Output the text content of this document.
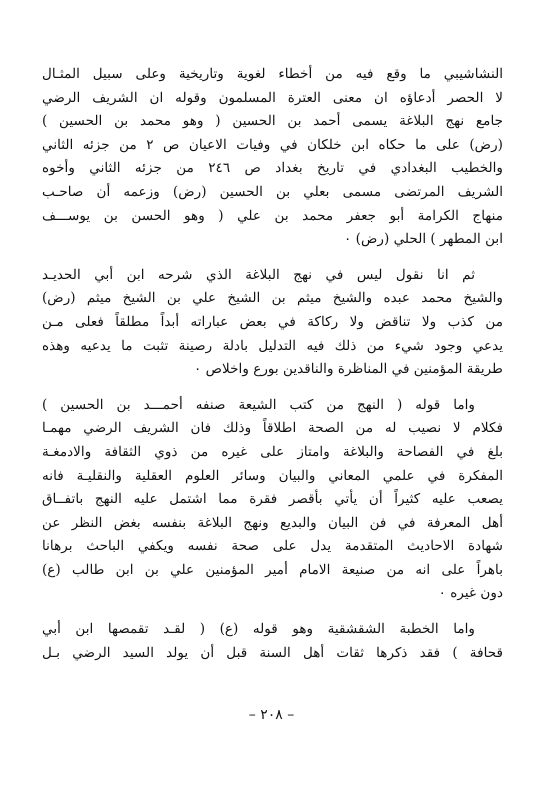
النشاشيبي ما وقع فيه من أخطاء لغوية وتاريخية وعلى سبيل المثـال
لا الحصر أدعاؤه ان معنى العترة المسلمون وقوله ان الشريف الرضي
جامع نهج البلاغة يسمى أحمد بن الحسين ( وهو محمد بن الحسين )
(رض) على ما حكاه ابن خلكان في وفيات الاعيان ص ٢ من جزئه الثاني
والخطيب البغدادي في تاريخ بغداد ص ٢٤٦ من جزئه الثاني وأخوه
الشريف المرتضى مسمى بعلي بن الحسين (رض) وزعمه أن صاحـب
منهاج الكرامة أبو جعفر محمد بن علي ( وهو الحسن بن يوســـف
ابن المطهر ) الحلي (رض) ٠
ثم انا نقول ليس في نهج البلاغة الذي شرحه ابن أبي الحديـد
والشيخ محمد عبده والشيخ ميثم بن الشيخ علي بن الشيخ ميثم (رض)
من كذب ولا تناقض ولا ركاكة في بعض عباراته أبداً مطلقاً فعلى مـن
يدعي وجود شيء من ذلك فيه التدليل بادلة رصينة تثبت ما يدعيه وهذه
طريقة المؤمنين في المناظرة والناقدين بورع واخلاص ٠
واما قوله ( النهج من كتب الشيعة صنفه أحمـــد بن الحسين )
فكلام لا نصيب له من الصحة اطلاقاً وذلك فان الشريف الرضي مهمـا
بلغ في الفصاحة والبلاغة وامتاز على غيره من ذوي الثقافة والادمغـة
المفكرة في علمي المعاني والبيان وسائر العلوم العقلية والنقليـة فانه
يصعب عليه كثيراً أن يأتي بأقصر فقرة مما اشتمل عليه النهج باتفــاق
أهل المعرفة في فن البيان والبديع ونهج البلاغة بنفسه بغض النظر عن
شهادة الاحاديث المتقدمة يدل على صحة نفسه ويكفي الباحث برهانا
باهراً على انه من صنيعة الامام أمير المؤمنين علي بن ابن طالب (ع)
دون غيره ٠
واما الخطبة الشقشقية وهو قوله (ع) ( لقـد تقمصها ابن أبي
قحافة ) فقد ذكرها ثقات أهل السنة قبل أن يولد السيد الرضي بـل
– ٢٠٨ –
